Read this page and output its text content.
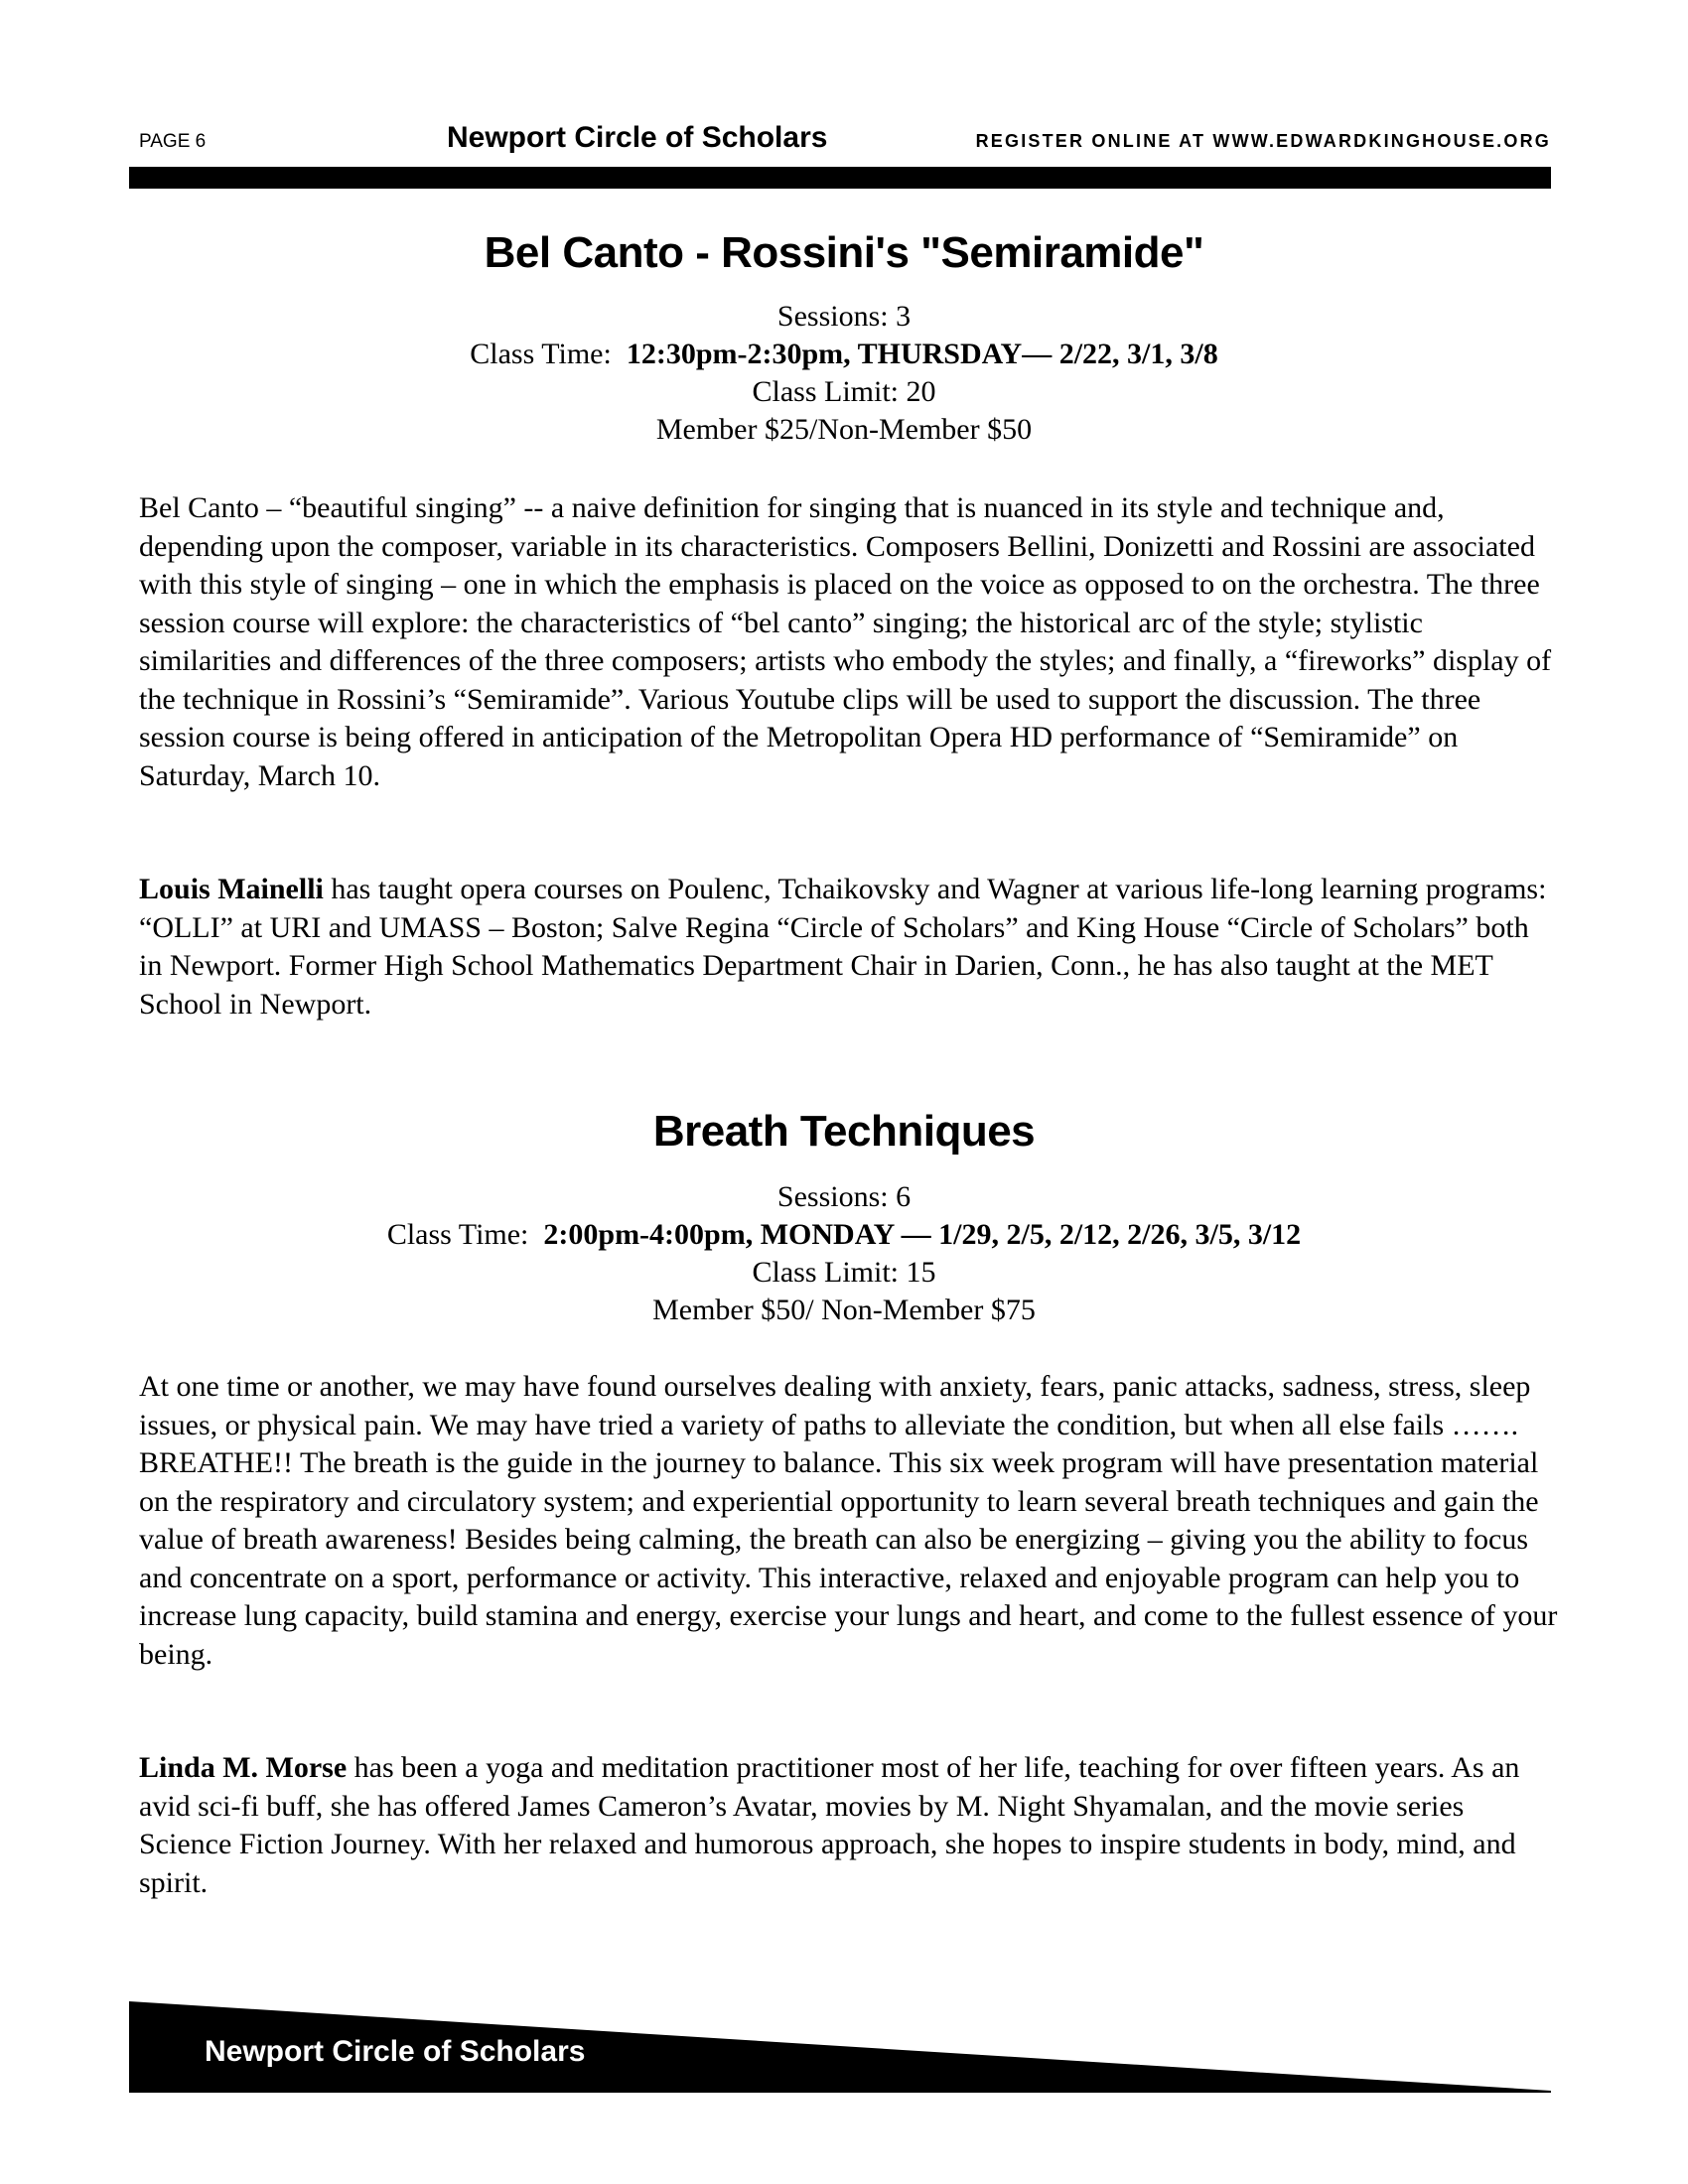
PAGE 6	Newport Circle of Scholars	REGISTER ONLINE AT WWW.EDWARDKINGHOUSE.ORG
Bel Canto - Rossini's "Semiramide"
Sessions: 3
Class Time:  12:30pm-2:30pm, THURSDAY— 2/22, 3/1, 3/8
Class Limit: 20
Member $25/Non-Member $50
Bel Canto – “beautiful singing” -- a naive definition for singing that is nuanced in its style and technique and, depending upon the composer, variable in its characteristics. Composers Bellini, Donizetti and Rossini are associated with this style of singing – one in which the emphasis is placed on the voice as opposed to on the orchestra. The three session course will explore: the characteristics of “bel canto” singing; the historical arc of the style; stylistic similarities and differences of the three composers; artists who embody the styles; and finally, a “fireworks” display of the technique in Rossini’s “Semiramide”. Various Youtube clips will be used to support the discussion. The three session course is being offered in anticipation of the Metropolitan Opera HD performance of “Semiramide” on Saturday, March 10.
Louis Mainelli has taught opera courses on Poulenc, Tchaikovsky and Wagner at various life-long learning programs: “OLLI” at URI and UMASS – Boston; Salve Regina “Circle of Scholars” and King House “Circle of Scholars” both in Newport. Former High School Mathematics Department Chair in Darien, Conn., he has also taught at the MET School in Newport.
Breath Techniques
Sessions: 6
Class Time:  2:00pm-4:00pm, MONDAY — 1/29, 2/5, 2/12, 2/26, 3/5, 3/12
Class Limit: 15
Member $50/ Non-Member $75
At one time or another, we may have found ourselves dealing with anxiety, fears, panic attacks, sadness, stress, sleep issues, or physical pain. We may have tried a variety of paths to alleviate the condition, but when all else fails ……. BREATHE!! The breath is the guide in the journey to balance. This six week program will have presentation material on the respiratory and circulatory system; and experiential opportunity to learn several breath techniques and gain the value of breath awareness! Besides being calming, the breath can also be energizing – giving you the ability to focus and concentrate on a sport, performance or activity. This interactive, relaxed and enjoyable program can help you to increase lung capacity, build stamina and energy, exercise your lungs and heart, and come to the fullest essence of your being.
Linda M. Morse has been a yoga and meditation practitioner most of her life, teaching for over fifteen years. As an avid sci-fi buff, she has offered James Cameron’s Avatar, movies by M. Night Shyamalan, and the movie series Science Fiction Journey. With her relaxed and humorous approach, she hopes to inspire students in body, mind, and spirit.
Newport Circle of Scholars
